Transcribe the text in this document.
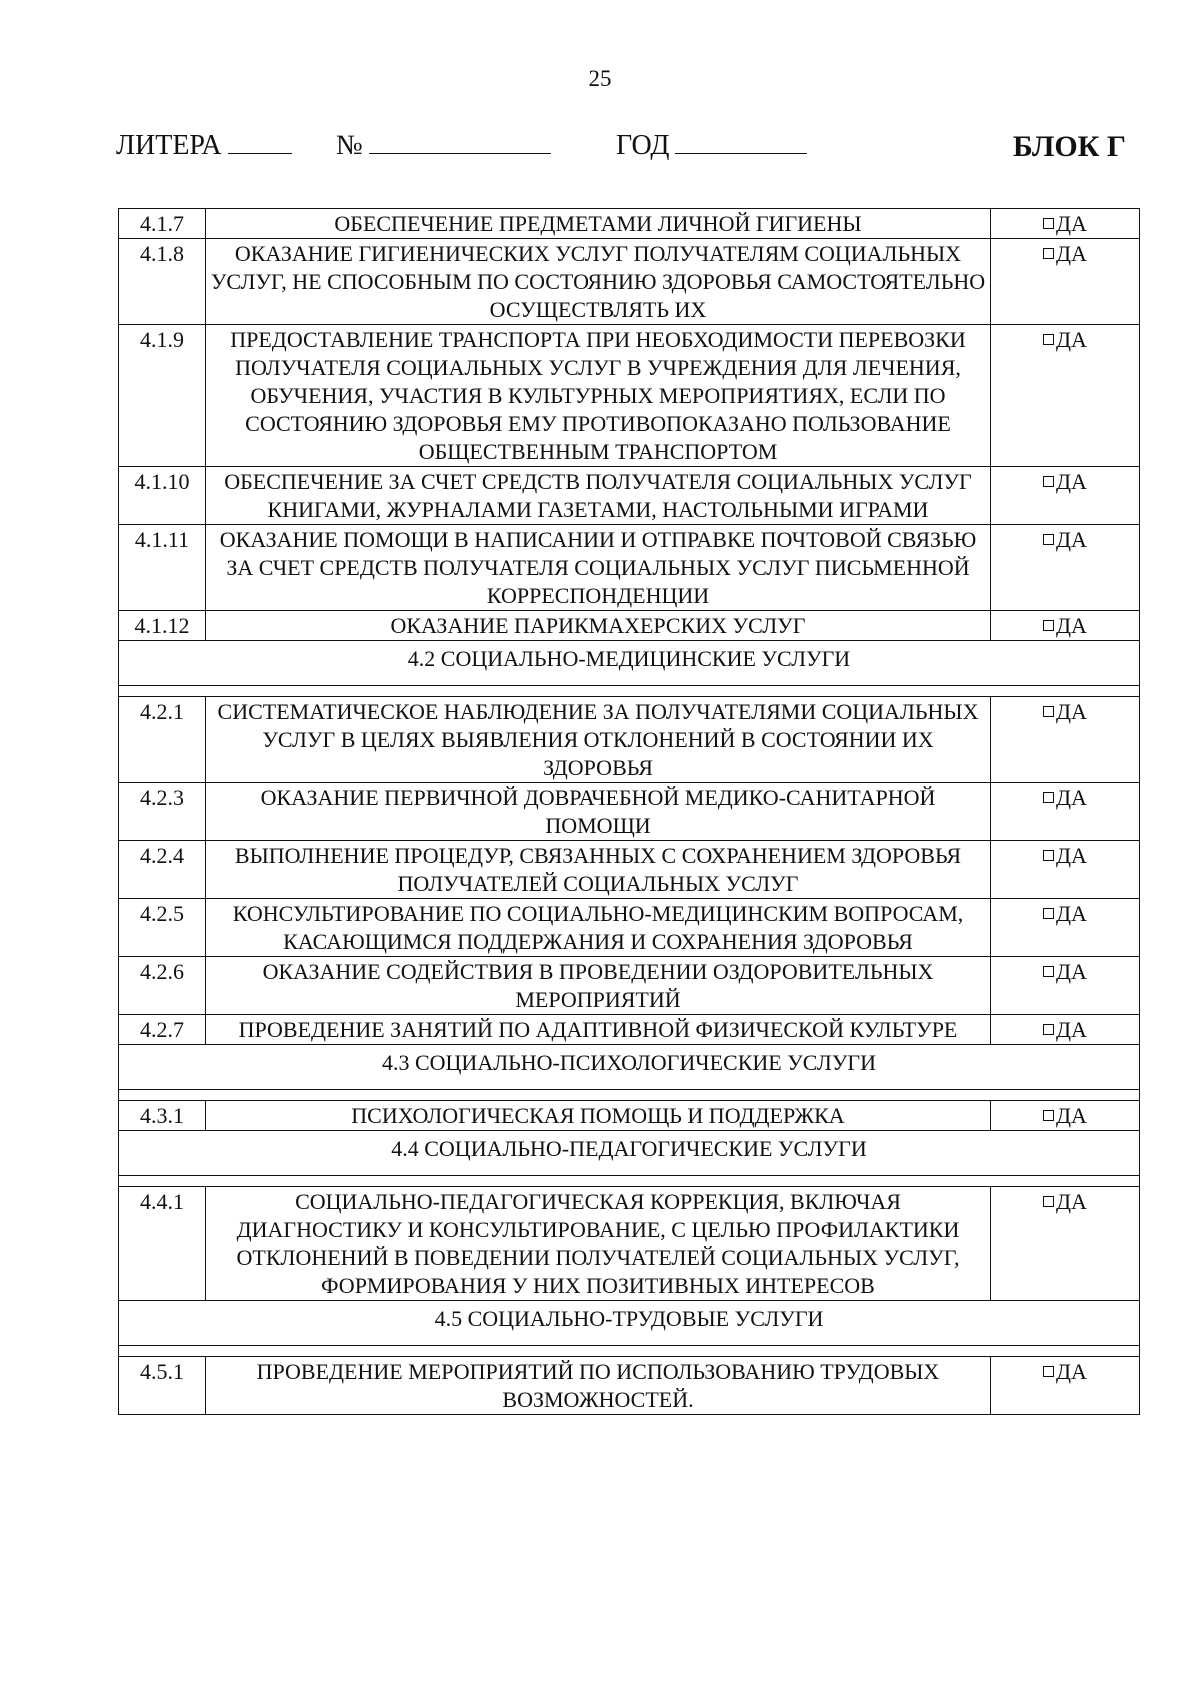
25
ЛИТЕРА	№	ГОД	БЛОК Г
4.1.7	ОБЕСПЕЧЕНИЕ ПРЕДМЕТАМИ ЛИЧНОЙ ГИГИЕНЫ	ДА
4.1.8	ОКАЗАНИЕ ГИГИЕНИЧЕСКИХ УСЛУГ ПОЛУЧАТЕЛЯМ СОЦИАЛЬНЫХ УСЛУГ, НЕ СПОСОБНЫМ ПО СОСТОЯНИЮ ЗДОРОВЬЯ САМОСТОЯТЕЛЬНО ОСУЩЕСТВЛЯТЬ ИХ	ДА
4.1.9	ПРЕДОСТАВЛЕНИЕ ТРАНСПОРТА ПРИ НЕОБХОДИМОСТИ ПЕРЕВОЗКИ ПОЛУЧАТЕЛЯ СОЦИАЛЬНЫХ УСЛУГ В УЧРЕЖДЕНИЯ ДЛЯ ЛЕЧЕНИЯ, ОБУЧЕНИЯ, УЧАСТИЯ В КУЛЬТУРНЫХ МЕРОПРИЯТИЯХ, ЕСЛИ ПО СОСТОЯНИЮ ЗДОРОВЬЯ ЕМУ ПРОТИВОПОКАЗАНО ПОЛЬЗОВАНИЕ ОБЩЕСТВЕННЫМ ТРАНСПОРТОМ	ДА
4.1.10	ОБЕСПЕЧЕНИЕ ЗА СЧЕТ СРЕДСТВ ПОЛУЧАТЕЛЯ СОЦИАЛЬНЫХ УСЛУГ КНИГАМИ, ЖУРНАЛАМИ ГАЗЕТАМИ, НАСТОЛЬНЫМИ ИГРАМИ	ДА
4.1.11	ОКАЗАНИЕ ПОМОЩИ В НАПИСАНИИ И ОТПРАВКЕ ПОЧТОВОЙ СВЯЗЬЮ ЗА СЧЕТ СРЕДСТВ ПОЛУЧАТЕЛЯ СОЦИАЛЬНЫХ УСЛУГ ПИСЬМЕННОЙ КОРРЕСПОНДЕНЦИИ	ДА
4.1.12	ОКАЗАНИЕ ПАРИКМАХЕРСКИХ УСЛУГ	ДА
4.2 СОЦИАЛЬНО-МЕДИЦИНСКИЕ УСЛУГИ		

4.2.1	СИСТЕМАТИЧЕСКОЕ НАБЛЮДЕНИЕ ЗА ПОЛУЧАТЕЛЯМИ СОЦИАЛЬНЫХ УСЛУГ В ЦЕЛЯХ ВЫЯВЛЕНИЯ ОТКЛОНЕНИЙ В СОСТОЯНИИ ИХ ЗДОРОВЬЯ	ДА
4.2.3	ОКАЗАНИЕ ПЕРВИЧНОЙ ДОВРАЧЕБНОЙ МЕДИКО-САНИТАРНОЙ ПОМОЩИ	ДА
4.2.4	ВЫПОЛНЕНИЕ ПРОЦЕДУР, СВЯЗАННЫХ С СОХРАНЕНИЕМ ЗДОРОВЬЯ ПОЛУЧАТЕЛЕЙ СОЦИАЛЬНЫХ УСЛУГ	ДА
4.2.5	КОНСУЛЬТИРОВАНИЕ ПО СОЦИАЛЬНО-МЕДИЦИНСКИМ ВОПРОСАМ, КАСАЮЩИМСЯ ПОДДЕРЖАНИЯ И СОХРАНЕНИЯ ЗДОРОВЬЯ	ДА
4.2.6	ОКАЗАНИЕ СОДЕЙСТВИЯ В ПРОВЕДЕНИИ ОЗДОРОВИТЕЛЬНЫХ МЕРОПРИЯТИЙ	ДА
4.2.7	ПРОВЕДЕНИЕ ЗАНЯТИЙ ПО АДАПТИВНОЙ ФИЗИЧЕСКОЙ КУЛЬТУРЕ	ДА
4.3 СОЦИАЛЬНО-ПСИХОЛОГИЧЕСКИЕ УСЛУГИ		

4.3.1	ПСИХОЛОГИЧЕСКАЯ ПОМОЩЬ И ПОДДЕРЖКА	ДА
4.4 СОЦИАЛЬНО-ПЕДАГОГИЧЕСКИЕ УСЛУГИ		

4.4.1	СОЦИАЛЬНО-ПЕДАГОГИЧЕСКАЯ КОРРЕКЦИЯ, ВКЛЮЧАЯ ДИАГНОСТИКУ И КОНСУЛЬТИРОВАНИЕ, С ЦЕЛЬЮ ПРОФИЛАКТИКИ ОТКЛОНЕНИЙ В ПОВЕДЕНИИ ПОЛУЧАТЕЛЕЙ СОЦИАЛЬНЫХ УСЛУГ, ФОРМИРОВАНИЯ У НИХ ПОЗИТИВНЫХ ИНТЕРЕСОВ	ДА
4.5 СОЦИАЛЬНО-ТРУДОВЫЕ УСЛУГИ		

4.5.1	ПРОВЕДЕНИЕ МЕРОПРИЯТИЙ ПО ИСПОЛЬЗОВАНИЮ ТРУДОВЫХ ВОЗМОЖНОСТЕЙ.	ДА
